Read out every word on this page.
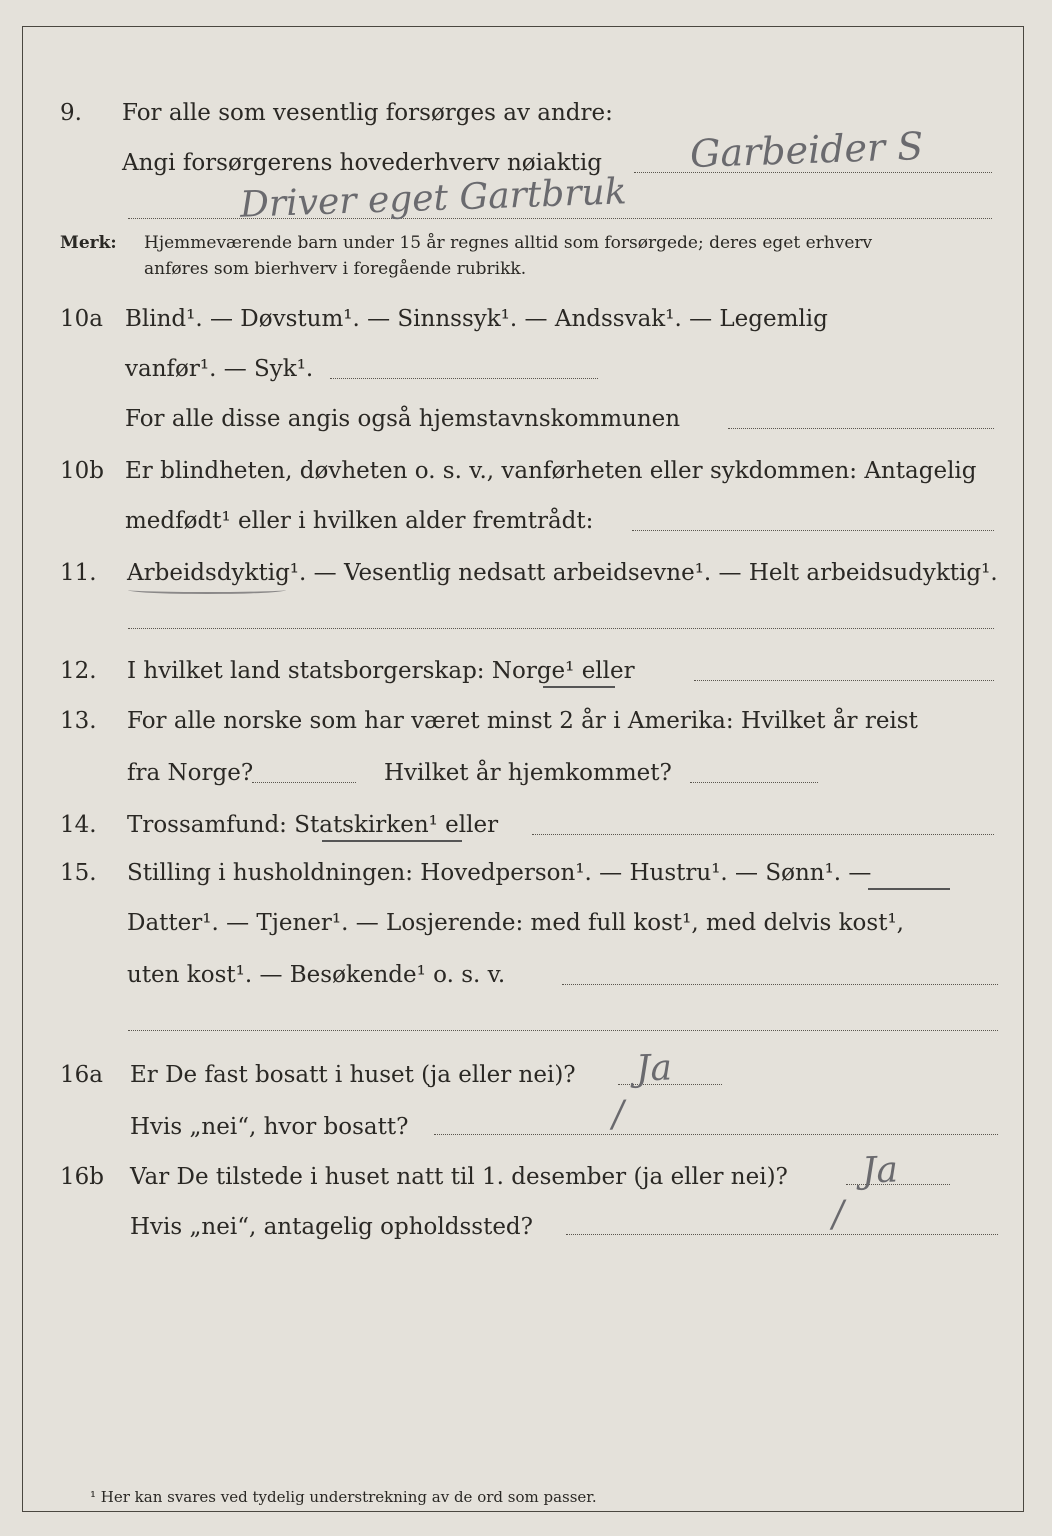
9. For alle som vesentlig forsørges av andre:
Angi forsørgerens hovederhverv nøiaktig Garbeider S
Driver eget Gartbruk
Merk: Hjemmeværende barn under 15 år regnes alltid som forsørgede; deres eget erhverv
anføres som bierhverv i foregående rubrikk.
10a Blind¹. — Døvstum¹. — Sinnssyk¹. — Andssvak¹. — Legemlig
vanfør¹. — Syk¹.
For alle disse angis også hjemstavnskommunen
10b Er blindheten, døvheten o. s. v., vanførheten eller sykdommen: Antagelig
medfødt¹ eller i hvilken alder fremtrådt:
11. Arbeidsdyktig¹. — Vesentlig nedsatt arbeidsevne¹. — Helt arbeidsudyktig¹.
12. I hvilket land statsborgerskap: Norge¹ eller
13. For alle norske som har været minst 2 år i Amerika: Hvilket år reist
fra Norge?	Hvilket år hjemkommet?
14. Trossamfund: Statskirken¹ eller
15. Stilling i husholdningen: Hovedperson¹. — Hustru¹. — Sønn¹. —
Datter¹. — Tjener¹. — Losjerende: med full kost¹, med delvis kost¹,
uten kost¹. — Besøkende¹ o. s. v.
16a Er De fast bosatt i huset (ja eller nei)? Ja
Hvis „nei“, hvor bosatt?	/
16b Var De tilstede i huset natt til 1. desember (ja eller nei)? Ja
Hvis „nei“, antagelig opholdssted?	/
¹ Her kan svares ved tydelig understrekning av de ord som passer.
